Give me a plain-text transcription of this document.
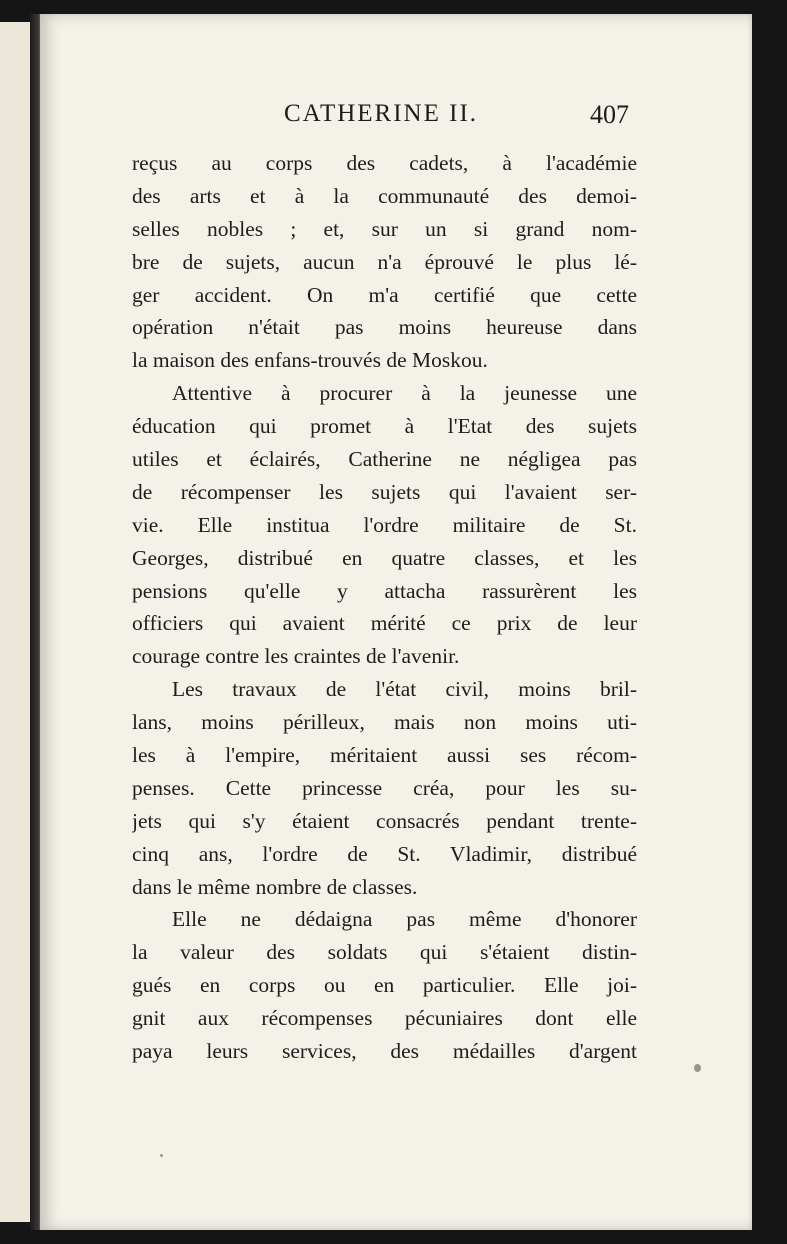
CATHERINE II.	407
reçus au corps des cadets, à l'académie
des arts et à la communauté des demoi-
selles nobles ; et, sur un si grand nom-
bre de sujets, aucun n'a éprouvé le plus lé-
ger accident. On m'a certifié que cette
opération n'était pas moins heureuse dans
la maison des enfans-trouvés de Moskou.
Attentive à procurer à la jeunesse une
éducation qui promet à l'Etat des sujets
utiles et éclairés, Catherine ne négligea pas
de récompenser les sujets qui l'avaient ser-
vie. Elle institua l'ordre militaire de St.
Georges, distribué en quatre classes, et les
pensions qu'elle y attacha rassurèrent les
officiers qui avaient mérité ce prix de leur
courage contre les craintes de l'avenir.
Les travaux de l'état civil, moins bril-
lans, moins périlleux, mais non moins uti-
les à l'empire, méritaient aussi ses récom-
penses. Cette princesse créa, pour les su-
jets qui s'y étaient consacrés pendant trente-
cinq ans, l'ordre de St. Vladimir, distribué
dans le même nombre de classes.
Elle ne dédaigna pas même d'honorer
la valeur des soldats qui s'étaient distin-
gués en corps ou en particulier. Elle joi-
gnit aux récompenses pécuniaires dont elle
paya leurs services, des médailles d'argent
